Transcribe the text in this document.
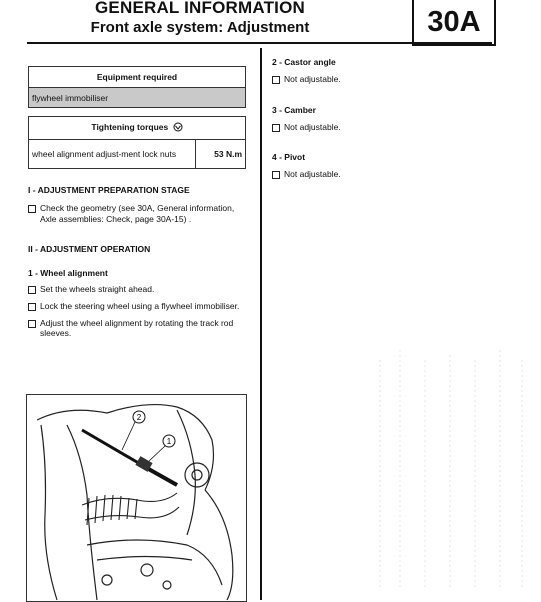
GENERAL INFORMATION
Front axle system: Adjustment	30A
Equipment required
flywheel immobiliser
Tightening torques
wheel alignment adjust-ment lock nuts	53 N.m
I - ADJUSTMENT PREPARATION STAGE
Check the geometry (see 30A, General information, Axle assemblies: Check, page 30A-15) .
II - ADJUSTMENT OPERATION
1 - Wheel alignment
Set the wheels straight ahead.
Lock the steering wheel using a flywheel immobiliser.
Adjust the wheel alignment by rotating the track rod sleeves.
2 - Castor angle
Not adjustable.
3 - Camber
Not adjustable.
4 - Pivot
Not adjustable.
2
1
